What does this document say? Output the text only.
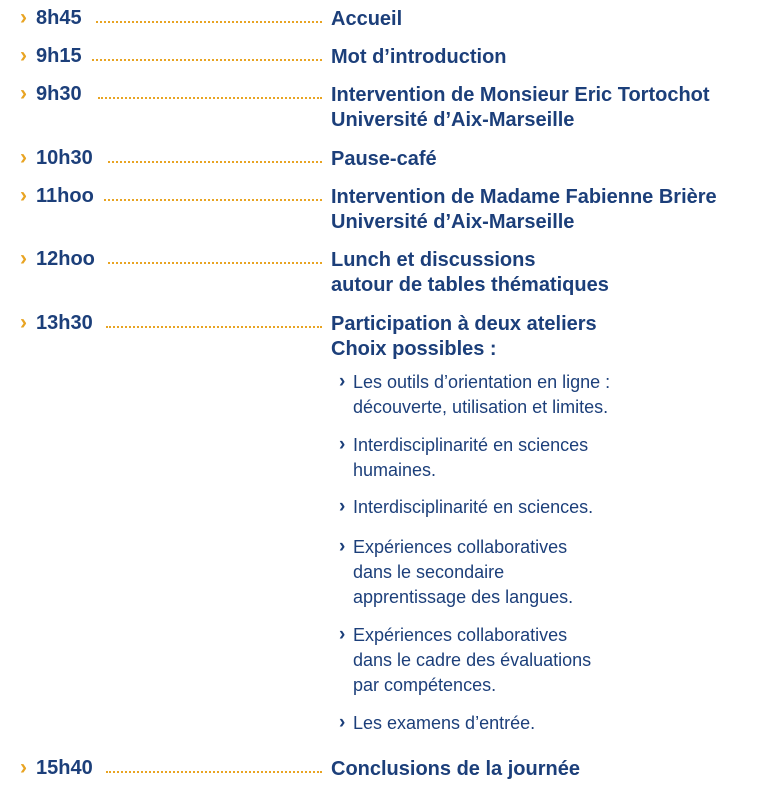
› 8h45	Accueil
› 9h15	Mot d’introduction
› 9h30	Intervention de Monsieur Eric Tortochot
Université d’Aix-Marseille
› 10h30	Pause-café
› 11hoo	Intervention de Madame Fabienne Brière
Université d’Aix-Marseille
› 12hoo	Lunch et discussions
autour de tables thématiques
› 13h30	Participation à deux ateliers
Choix possibles :
› Les outils d’orientation en ligne :
découverte, utilisation et limites.
› Interdisciplinarité en sciences
humaines.
› Interdisciplinarité en sciences.
› Expériences collaboratives
dans le secondaire
apprentissage des langues.
› Expériences collaboratives
dans le cadre des évaluations
par compétences.
› Les examens d’entrée.
› 15h40	Conclusions de la journée
